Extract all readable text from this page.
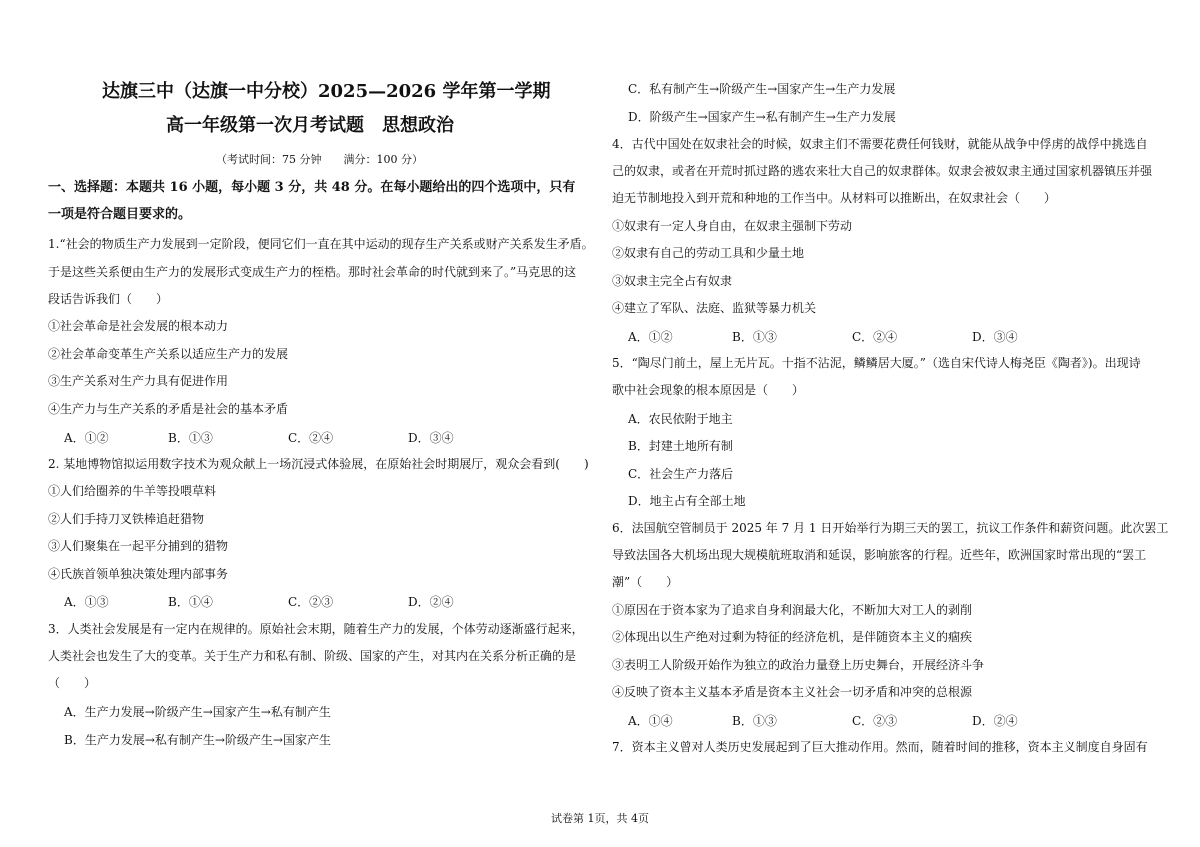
达旗三中（达旗一中分校）2025—2026 学年第一学期
高一年级第一次月考试题　思想政治
（考试时间：75 分钟　　满分：100 分）
一、选择题：本题共 16 小题，每小题 3 分，共 48 分。在每小题给出的四个选项中，只有
一项是符合题目要求的。
1.“社会的物质生产力发展到一定阶段，便同它们一直在其中运动的现存生产关系或财产关系发生矛盾。
于是这些关系便由生产力的发展形式变成生产力的桎梏。那时社会革命的时代就到来了。”马克思的这
段话告诉我们（　　）
①社会革命是社会发展的根本动力
②社会革命变革生产关系以适应生产力的发展
③生产关系对生产力具有促进作用
④生产力与生产关系的矛盾是社会的基本矛盾
A．①②	B．①③	C．②④	D．③④
2. 某地博物馆拟运用数字技术为观众献上一场沉浸式体验展，在原始社会时期展厅，观众会看到(　　)
①人们给圈养的牛羊等投喂草料
②人们手持刀叉铁棒追赶猎物
③人们聚集在一起平分捕到的猎物
④氏族首领单独决策处理内部事务
A．①③	B．①④	C．②③	D．②④
3．人类社会发展是有一定内在规律的。原始社会末期，随着生产力的发展，个体劳动逐渐盛行起来，
人类社会也发生了大的变革。关于生产力和私有制、阶级、国家的产生，对其内在关系分析正确的是
（　　）
A．生产力发展→阶级产生→国家产生→私有制产生
B．生产力发展→私有制产生→阶级产生→国家产生
C．私有制产生→阶级产生→国家产生→生产力发展
D．阶级产生→国家产生→私有制产生→生产力发展
4．古代中国处在奴隶社会的时候，奴隶主们不需要花费任何钱财，就能从战争中俘虏的战俘中挑选自
己的奴隶，或者在开荒时抓过路的逃农来壮大自己的奴隶群体。奴隶会被奴隶主通过国家机器镇压并强
迫无节制地投入到开荒和种地的工作当中。从材料可以推断出，在奴隶社会（　　）
①奴隶有一定人身自由，在奴隶主强制下劳动
②奴隶有自己的劳动工具和少量土地
③奴隶主完全占有奴隶
④建立了军队、法庭、监狱等暴力机关
A．①②	B．①③	C．②④	D．③④
5．“陶尽门前土，屋上无片瓦。十指不沾泥，鳞鳞居大厦。”（选自宋代诗人梅尧臣《陶者》)。出现诗
歌中社会现象的根本原因是（　　）
A．农民依附于地主
B．封建土地所有制
C．社会生产力落后
D．地主占有全部土地
6．法国航空管制员于 2025 年 7 月 1 日开始举行为期三天的罢工，抗议工作条件和薪资问题。此次罢工
导致法国各大机场出现大规模航班取消和延误，影响旅客的行程。近些年，欧洲国家时常出现的“罢工
潮”（　　）
①原因在于资本家为了追求自身利润最大化，不断加大对工人的剥削
②体现出以生产绝对过剩为特征的经济危机，是伴随资本主义的痼疾
③表明工人阶级开始作为独立的政治力量登上历史舞台，开展经济斗争
④反映了资本主义基本矛盾是资本主义社会一切矛盾和冲突的总根源
A．①④	B．①③	C．②③	D．②④
7．资本主义曾对人类历史发展起到了巨大推动作用。然而，随着时间的推移，资本主义制度自身固有
试卷第 1页，共 4页
